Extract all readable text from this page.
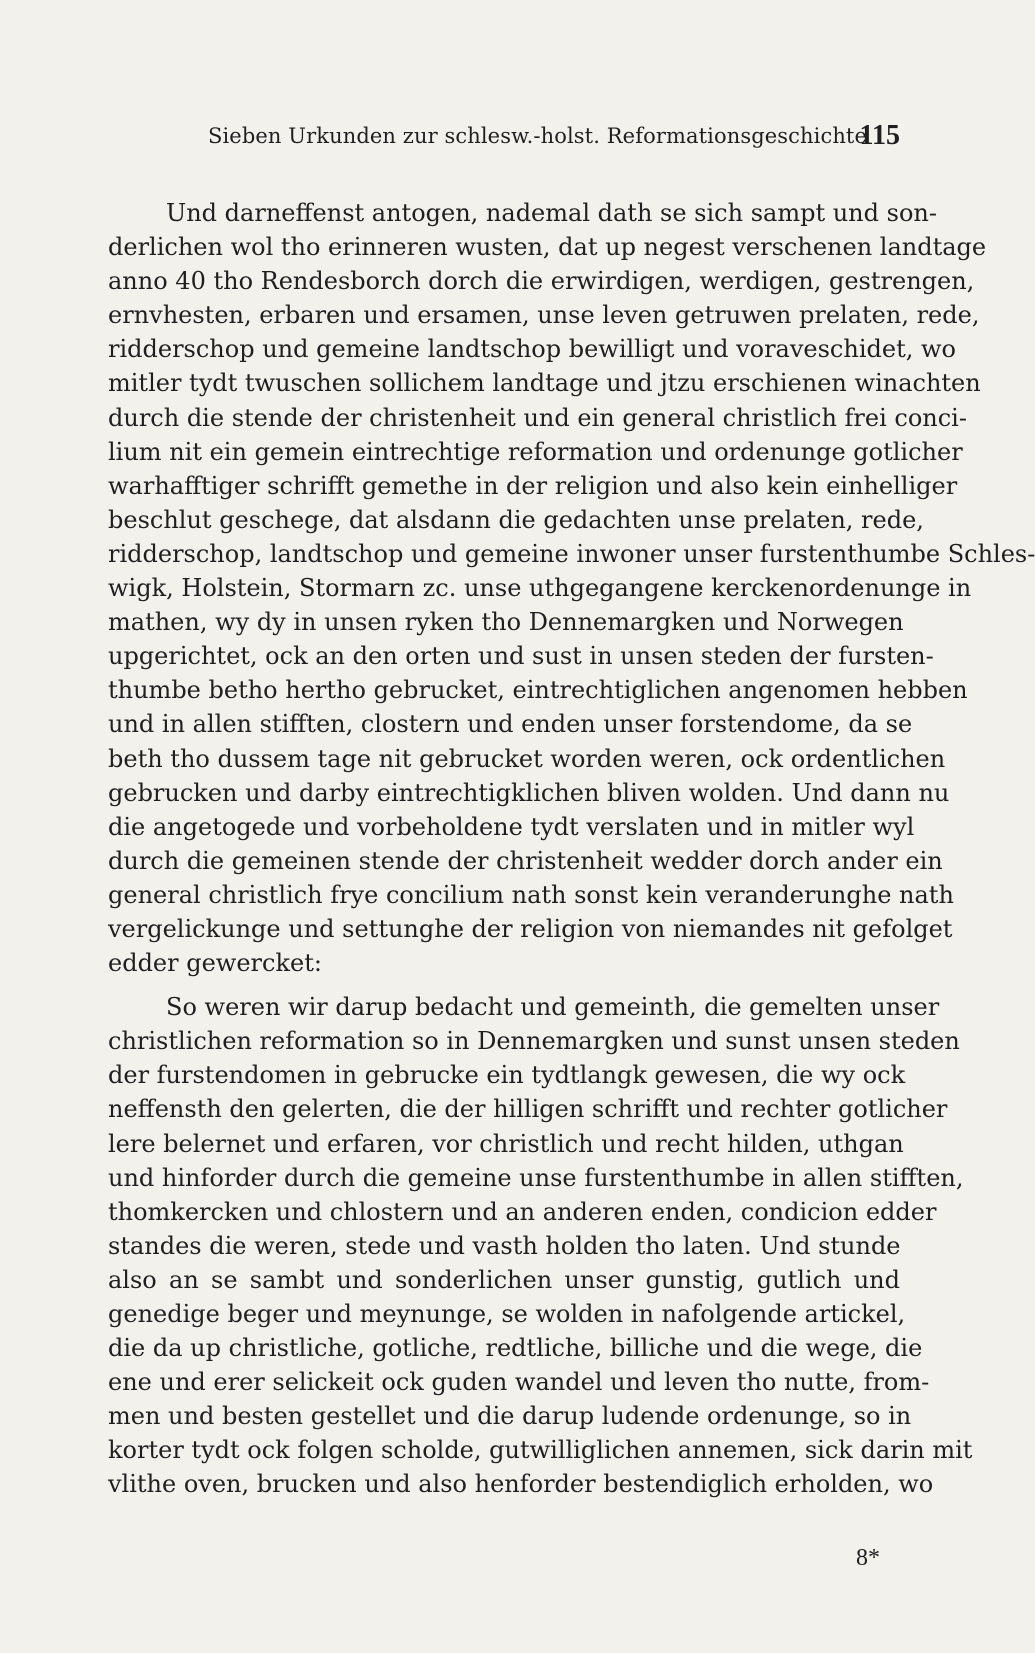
Sieben Urkunden zur schlesw.-holst. Reformationsgeschichte
115
Und darneffenst antogen, nademal dath se sich sampt und son-
derlichen wol tho erinneren wusten, dat up negest verschenen landtage
anno 40 tho Rendesborch dorch die erwirdigen, werdigen, gestrengen,
ernvhesten, erbaren und ersamen, unse leven getruwen prelaten, rede,
ridderschop und gemeine landtschop bewilligt und voraveschidet, wo
mitler tydt twuschen sollichem landtage und jtzu erschienen winachten
durch die stende der christenheit und ein general christlich frei conci-
lium nit ein gemein eintrechtige reformation und ordenunge gotlicher
warhafftiger schrifft gemethe in der religion und also kein einhelliger
beschlut geschege, dat alsdann die gedachten unse prelaten, rede,
ridderschop, landtschop und gemeine inwoner unser furstenthumbe Schles-
wigk, Holstein, Stormarn zc. unse uthgegangene kerckenordenunge in
mathen, wy dy in unsen ryken tho Dennemargken und Norwegen
upgerichtet, ock an den orten und sust in unsen steden der fursten-
thumbe betho hertho gebrucket, eintrechtiglichen angenomen hebben
und in allen stifften, clostern und enden unser forstendome, da se
beth tho dussem tage nit gebrucket worden weren, ock ordentlichen
gebrucken und darby eintrechtigklichen bliven wolden. Und dann nu
die angetogede und vorbeholdene tydt verslaten und in mitler wyl
durch die gemeinen stende der christenheit wedder dorch ander ein
general christlich frye concilium nath sonst kein veranderunghe nath
vergelickunge und settunghe der religion von niemandes nit gefolget
edder gewercket:
So weren wir darup bedacht und gemeinth, die gemelten unser
christlichen reformation so in Dennemargken und sunst unsen steden
der furstendomen in gebrucke ein tydtlangk gewesen, die wy ock
neffensth den gelerten, die der hilligen schrifft und rechter gotlicher
lere belernet und erfaren, vor christlich und recht hilden, uthgan
und hinforder durch die gemeine unse furstenthumbe in allen stifften,
thomkercken und chlostern und an anderen enden, condicion edder
standes die weren, stede und vasth holden tho laten. Und stunde
also an se sambt und sonderlichen unser gunstig, gutlich und
genedige beger und meynunge, se wolden in nafolgende artickel,
die da up christliche, gotliche, redtliche, billiche und die wege, die
ene und erer selickeit ock guden wandel und leven tho nutte, from-
men und besten gestellet und die darup ludende ordenunge, so in
korter tydt ock folgen scholde, gutwilliglichen annemen, sick darin mit
vlithe oven, brucken und also henforder bestendiglich erholden, wo
8*
